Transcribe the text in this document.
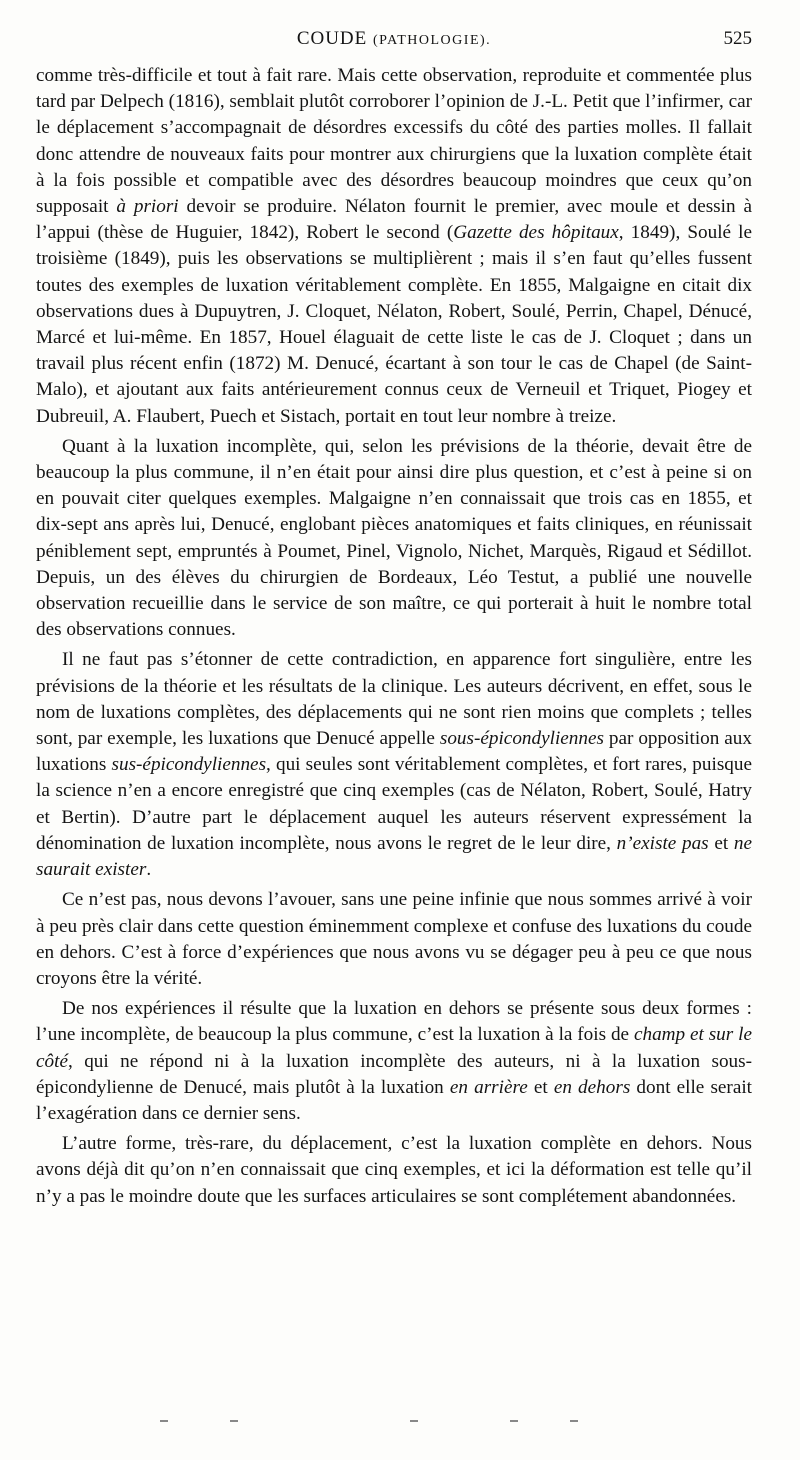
COUDE (PATHOLOGIE).	525

comme très-difficile et tout à fait rare. Mais cette observation, reproduite et commentée plus tard par Delpech (1816), semblait plutôt corroborer l’opinion de J.-L. Petit que l’infirmer, car le déplacement s’accompagnait de désordres excessifs du côté des parties molles. Il fallait donc attendre de nouveaux faits pour montrer aux chirurgiens que la luxation complète était à la fois possible et compatible avec des désordres beaucoup moindres que ceux qu’on supposait à priori devoir se produire. Nélaton fournit le premier, avec moule et dessin à l’appui (thèse de Huguier, 1842), Robert le second (Gazette des hôpitaux, 1849), Soulé le troisième (1849), puis les observations se multiplièrent ; mais il s’en faut qu’elles fussent toutes des exemples de luxation véritablement complète. En 1855, Malgaigne en citait dix observations dues à Dupuytren, J. Cloquet, Nélaton, Robert, Soulé, Perrin, Chapel, Dénucé, Marcé et lui-même. En 1857, Houel élaguait de cette liste le cas de J. Cloquet ; dans un travail plus récent enfin (1872) M. Denucé, écartant à son tour le cas de Chapel (de Saint-Malo), et ajoutant aux faits antérieurement connus ceux de Verneuil et Triquet, Piogey et Dubreuil, A. Flaubert, Puech et Sistach, portait en tout leur nombre à treize.

Quant à la luxation incomplète, qui, selon les prévisions de la théorie, devait être de beaucoup la plus commune, il n’en était pour ainsi dire plus question, et c’est à peine si on en pouvait citer quelques exemples. Malgaigne n’en connaissait que trois cas en 1855, et dix-sept ans après lui, Denucé, englobant pièces anatomiques et faits cliniques, en réunissait péniblement sept, empruntés à Poumet, Pinel, Vignolo, Nichet, Marquès, Rigaud et Sédillot. Depuis, un des élèves du chirurgien de Bordeaux, Léo Testut, a publié une nouvelle observation recueillie dans le service de son maître, ce qui porterait à huit le nombre total des observations connues.

Il ne faut pas s’étonner de cette contradiction, en apparence fort singulière, entre les prévisions de la théorie et les résultats de la clinique. Les auteurs décrivent, en effet, sous le nom de luxations complètes, des déplacements qui ne sont rien moins que complets ; telles sont, par exemple, les luxations que Denucé appelle sous-épicondyliennes par opposition aux luxations sus-épicondyliennes, qui seules sont véritablement complètes, et fort rares, puisque la science n’en a encore enregistré que cinq exemples (cas de Nélaton, Robert, Soulé, Hatry et Bertin). D’autre part le déplacement auquel les auteurs réservent expressément la dénomination de luxation incomplète, nous avons le regret de le leur dire, n’existe pas et ne saurait exister.

Ce n’est pas, nous devons l’avouer, sans une peine infinie que nous sommes arrivé à voir à peu près clair dans cette question éminemment complexe et confuse des luxations du coude en dehors. C’est à force d’expériences que nous avons vu se dégager peu à peu ce que nous croyons être la vérité.

De nos expériences il résulte que la luxation en dehors se présente sous deux formes : l’une incomplète, de beaucoup la plus commune, c’est la luxation à la fois de champ et sur le côté, qui ne répond ni à la luxation incomplète des auteurs, ni à la luxation sous-épicondylienne de Denucé, mais plutôt à la luxation en arrière et en dehors dont elle serait l’exagération dans ce dernier sens.

L’autre forme, très-rare, du déplacement, c’est la luxation complète en dehors. Nous avons déjà dit qu’on n’en connaissait que cinq exemples, et ici la déformation est telle qu’il n’y a pas le moindre doute que les surfaces articulaires se sont complétement abandonnées.
